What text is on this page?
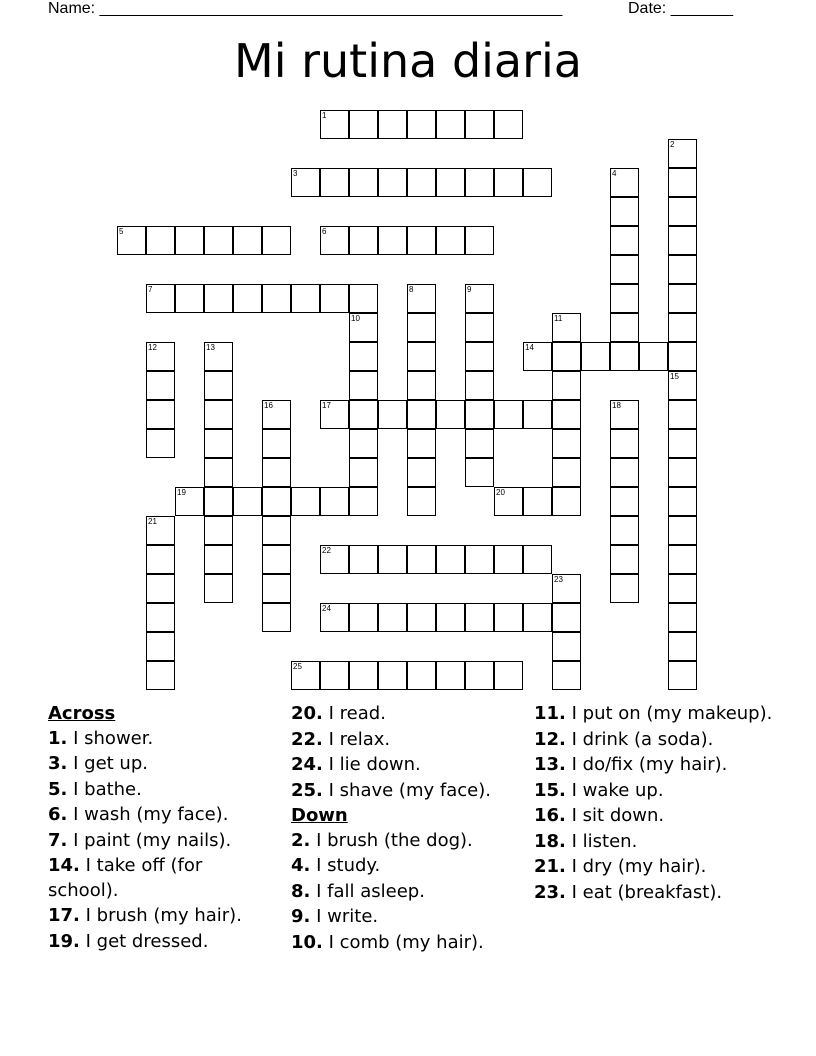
Name: ____________________________________________________	Date: _______
Mi rutina diaria
1
2
3	4
5	6
7	8	9
10	11
12	13	14
15
16	17	18
19	20
21
22
23
24
25
Across
1. I shower.
3. I get up.
5. I bathe.
6. I wash (my face).
7. I paint (my nails).
14. I take off (for school).
17. I brush (my hair).
19. I get dressed.
20. I read.
22. I relax.
24. I lie down.
25. I shave (my face).
Down
2. I brush (the dog).
4. I study.
8. I fall asleep.
9. I write.
10. I comb (my hair).
11. I put on (my makeup).
12. I drink (a soda).
13. I do/fix (my hair).
15. I wake up.
16. I sit down.
18. I listen.
21. I dry (my hair).
23. I eat (breakfast).
